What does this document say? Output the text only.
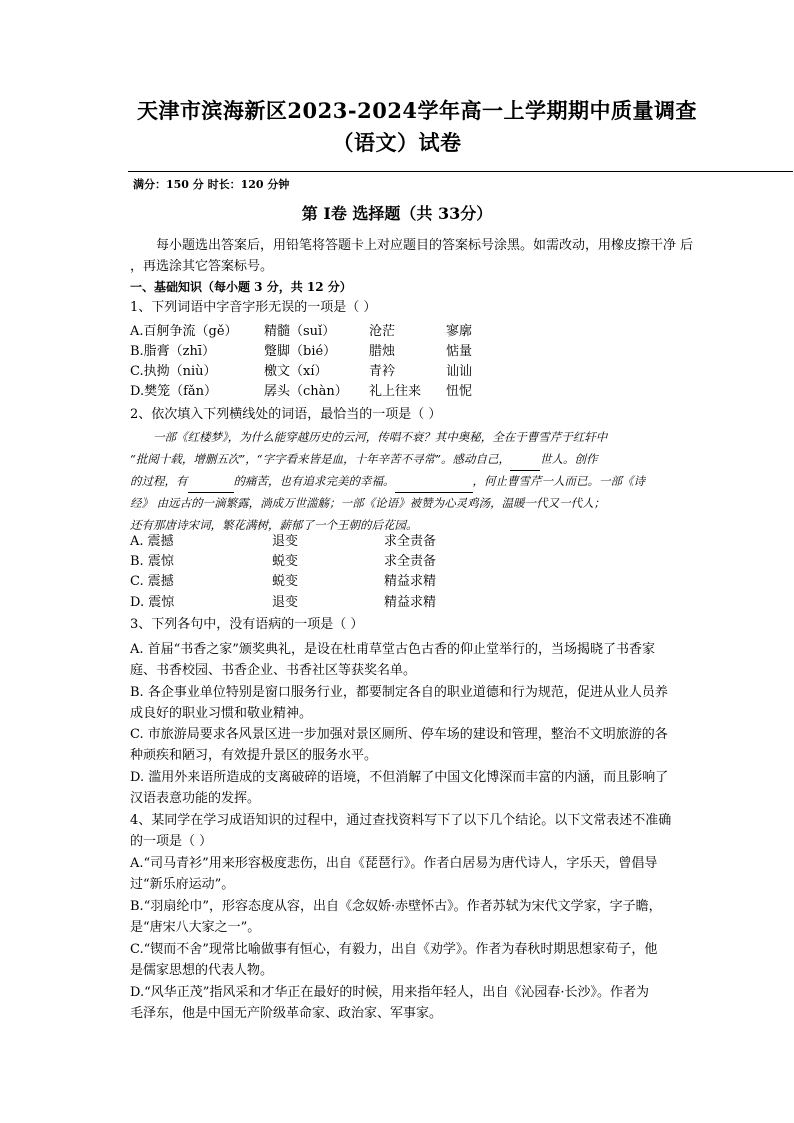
天津市滨海新区2023-2024学年高一上学期期中质量调查
（语文）试卷
满分：150 分 时长：120 分钟
第 I卷 选择题（共 33分）
每小题选出答案后，用铅笔将答题卡上对应题目的答案标号涂黑。如需改动，用橡皮擦干净 后
，再选涂其它答案标号。
一、基础知识（每小题 3 分，共 12 分）
1、下列词语中字音字形无误的一项是（ ）
A.百舸争流（gě） 精髓（suǐ）	沧茫	寥廓
B.脂膏（zhī）	蹩脚（bié）	腊烛	惦量
C.执拗（niù）	檄文（xí）	青衿	讪讪
D.樊笼（fǎn）	孱头（chàn） 礼上往来 忸怩
2、依次填入下列横线处的词语，最恰当的一项是（ ）
一部《红楼梦》，为什么能穿越历史的云河，传唱不衰？其中奥秘，全在于曹雪芹于红轩中
“批阅十载，增删五次”，“字字看来皆是血，十年辛苦不寻常”。感动自己，	世人。创作
的过程，有	的痛苦，也有追求完美的幸福。	，何止曹雪芹一人而已。一部《诗
经》 由远古的一滴繁露，淌成万世滥觞；一部《论语》被赞为心灵鸡汤，温暖一代又一代人；
还有那唐诗宋词，繁花满树，薪郁了一个王朝的后花园。
A. 震撼	退变	求全责备
B. 震惊	蜕变	求全责备
C. 震撼	蜕变	精益求精
D. 震惊	退变	精益求精
3、下列各句中，没有语病的一项是（ ）
A. 首届“书香之家”颁奖典礼，是设在杜甫草堂古色古香的仰止堂举行的，当场揭晓了书香家
庭、书香校园、书香企业、书香社区等获奖名单。
B. 各企事业单位特别是窗口服务行业，都要制定各自的职业道德和行为规范，促进从业人员养
成良好的职业习惯和敬业精神。
C. 市旅游局要求各风景区进一步加强对景区厕所、停车场的建设和管理，整治不文明旅游的各
种顽疾和陋习，有效提升景区的服务水平。
D. 滥用外来语所造成的支离破碎的语境，不但消解了中国文化博深而丰富的内涵，而且影响了
汉语表意功能的发挥。
4、某同学在学习成语知识的过程中，通过查找资料写下了以下几个结论。以下文常表述不准确
的一项是（ ）
A.“司马青衫”用来形容极度悲伤，出自《琵琶行》。作者白居易为唐代诗人，字乐天，曾倡导
过“新乐府运动”。
B.“羽扇纶巾”，形容态度从容，出自《念奴娇·赤壁怀古》。作者苏轼为宋代文学家，字子瞻，
是“唐宋八大家之一”。
C.“锲而不舍”现常比喻做事有恒心，有毅力，出自《劝学》。作者为春秋时期思想家荀子，他
是儒家思想的代表人物。
D.“风华正茂”指风采和才华正在最好的时候，用来指年轻人，出自《沁园春·长沙》。作者为
毛泽东，他是中国无产阶级革命家、政治家、军事家。
